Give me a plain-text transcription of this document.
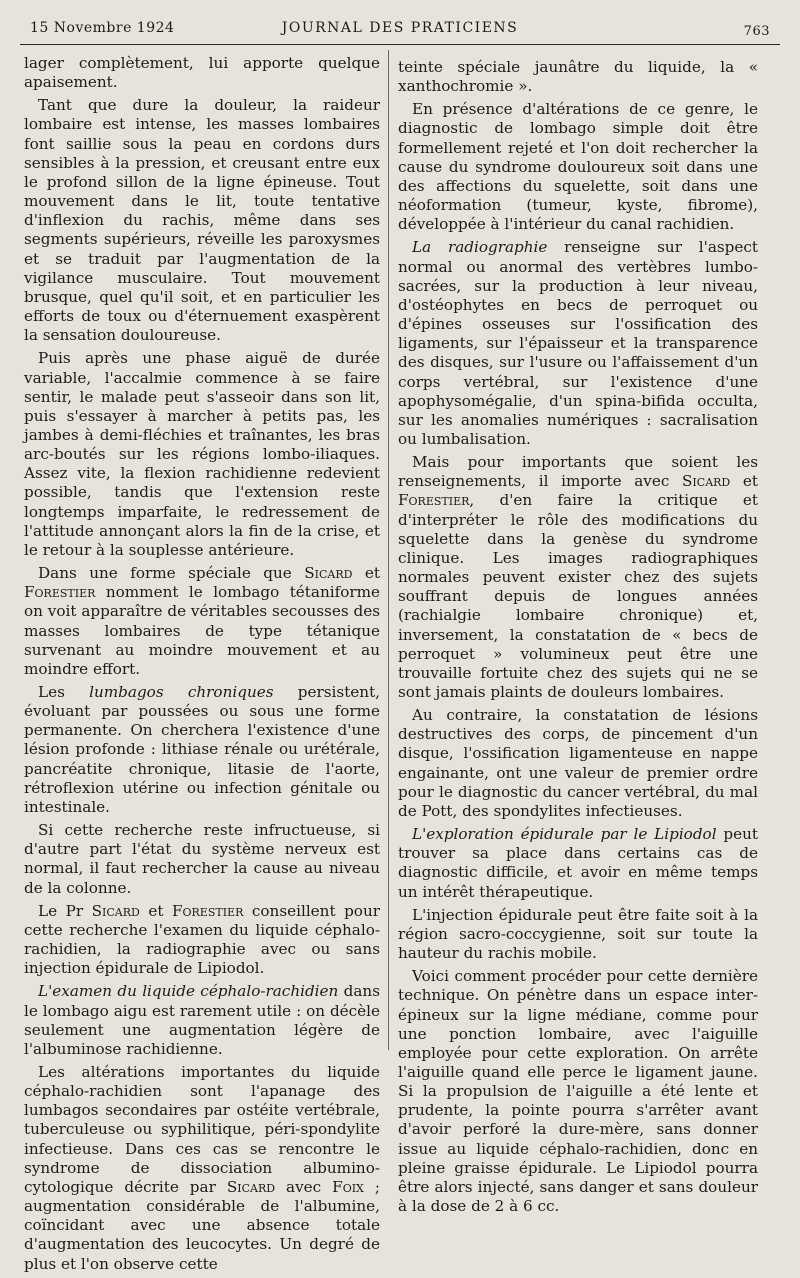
15 Novembre 1924	JOURNAL DES PRATICIENS	763

lager complètement, lui apporte quelque apaisement.

Tant que dure la douleur, la raideur lombaire est intense, les masses lombaires font saillie sous la peau en cordons durs sensibles à la pression, et creusant entre eux le profond sillon de la ligne épineuse. Tout mouvement dans le lit, toute tentative d'inflexion du rachis, même dans ses segments supérieurs, réveille les paroxysmes et se traduit par l'augmentation de la vigilance musculaire. Tout mouvement brusque, quel qu'il soit, et en particulier les efforts de toux ou d'éternuement exaspèrent la sensation douloureuse.

Puis après une phase aiguë de durée variable, l'accalmie commence à se faire sentir, le malade peut s'asseoir dans son lit, puis s'essayer à marcher à petits pas, les jambes à demi-fléchies et traînantes, les bras arc-boutés sur les régions lombo-iliaques. Assez vite, la flexion rachidienne redevient possible, tandis que l'extension reste longtemps imparfaite, le redressement de l'attitude annonçant alors la fin de la crise, et le retour à la souplesse antérieure.

Dans une forme spéciale que Sicard et Forestier nomment le lombago tétaniforme on voit apparaître de véritables secousses des masses lombaires de type tétanique survenant au moindre mouvement et au moindre effort.

Les lumbagos chroniques persistent, évoluant par poussées ou sous une forme permanente. On cherchera l'existence d'une lésion profonde : lithiase rénale ou urétérale, pancréatite chronique, litasie de l'aorte, rétroflexion utérine ou infection génitale ou intestinale.

Si cette recherche reste infructueuse, si d'autre part l'état du système nerveux est normal, il faut rechercher la cause au niveau de la colonne.

Le Pr Sicard et Forestier conseillent pour cette recherche l'examen du liquide céphalo-rachidien, la radiographie avec ou sans injection épidurale de Lipiodol.

L'examen du liquide céphalo-rachidien dans le lombago aigu est rarement utile : on décèle seulement une augmentation légère de l'albuminose rachidienne.

Les altérations importantes du liquide céphalo-rachidien sont l'apanage des lumbagos secondaires par ostéite vertébrale, tuberculeuse ou syphilitique, péri-spondylite infectieuse. Dans ces cas se rencontre le syndrome de dissociation albumino-cytologique décrite par Sicard avec Foix ; augmentation considérable de l'albumine, coïncidant avec une absence totale d'augmentation des leucocytes. Un degré de plus et l'on observe cette

teinte spéciale jaunâtre du liquide, la « xanthochromie ».

En présence d'altérations de ce genre, le diagnostic de lombago simple doit être formellement rejeté et l'on doit rechercher la cause du syndrome douloureux soit dans une des affections du squelette, soit dans une néoformation (tumeur, kyste, fibrome), développée à l'intérieur du canal rachidien.

La radiographie renseigne sur l'aspect normal ou anormal des vertèbres lumbo-sacrées, sur la production à leur niveau, d'ostéophytes en becs de perroquet ou d'épines osseuses sur l'ossification des ligaments, sur l'épaisseur et la transparence des disques, sur l'usure ou l'affaissement d'un corps vertébral, sur l'existence d'une apophysomégalie, d'un spina-bifida occulta, sur les anomalies numériques : sacralisation ou lumbalisation.

Mais pour importants que soient les renseignements, il importe avec Sicard et Forestier, d'en faire la critique et d'interpréter le rôle des modifications du squelette dans la genèse du syndrome clinique. Les images radiographiques normales peuvent exister chez des sujets souffrant depuis de longues années (rachialgie lombaire chronique) et, inversement, la constatation de « becs de perroquet » volumineux peut être une trouvaille fortuite chez des sujets qui ne se sont jamais plaints de douleurs lombaires.

Au contraire, la constatation de lésions destructives des corps, de pincement d'un disque, l'ossification ligamenteuse en nappe engainante, ont une valeur de premier ordre pour le diagnostic du cancer vertébral, du mal de Pott, des spondylites infectieuses.

L'exploration épidurale par le Lipiodol peut trouver sa place dans certains cas de diagnostic difficile, et avoir en même temps un intérêt thérapeutique.

L'injection épidurale peut être faite soit à la région sacro-coccygienne, soit sur toute la hauteur du rachis mobile.

Voici comment procéder pour cette dernière technique. On pénètre dans un espace inter-épineux sur la ligne médiane, comme pour une ponction lombaire, avec l'aiguille employée pour cette exploration. On arrête l'aiguille quand elle perce le ligament jaune. Si la propulsion de l'aiguille a été lente et prudente, la pointe pourra s'arrêter avant d'avoir perforé la dure-mère, sans donner issue au liquide céphalo-rachidien, donc en pleine graisse épidurale. Le Lipiodol pourra être alors injecté, sans danger et sans douleur à la dose de 2 à 6 cc.
